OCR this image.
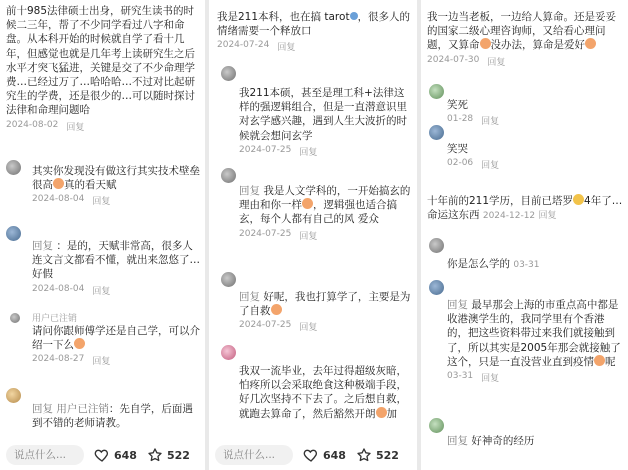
前十985法律硕士出身，研究生读书的时候二三年，帮了不少同学看过八字和命盘。从本科开始的时候就自学了看十几年，但感觉也就是几年考上读研究生之后水平才突飞猛进，关键是交了不少命理学费…已经过万了…哈哈哈…不过对比起研究生的学费，还是很少的…可以随时探讨法律和命理问题哈
2024-08-02 回复
其实你发现没有做这行其实技术壁垒很高 真的看天赋
2024-08-04 回复
回复 ：是的，天赋非常高，很多人连文言文都看不懂，就出来忽悠了…好假
2024-08-04 回复
用户已注销
请问你跟师傅学还是自己学，可以介绍一下么
2024-08-27 回复
回复 用户已注销：先自学，后面遇到不错的老师请教。
说点什么...	648	522
我是211本科，也在搞 tarot ，很多人的情绪需要一个释放口
2024-07-24 回复
我211本硕，甚至是理工科+法律这样的强逻辑组合，但是一直潜意识里对玄学感兴趣，遇到人生大波折的时候就会想问玄学
2024-07-25 回复
回复 我是人文学科的，一开始搞玄的理由和你一样 ，逻辑强也适合搞玄，每个人都有自己的风 爱众
2024-07-25 回复
回复 好呢，我也打算学了，主要是为了自救
2024-07-25 回复
我双一流毕业，去年过得超级灰暗，怕疼所以会采取绝食这种极端手段，好几次坚持不下去了。之后想自救，就跑去算命了，然后豁然开朗 加
说点什么...	648	522
我一边当老板，一边给人算命。还是妥妥的国家二级心理咨询师，又给看心理问题，又算命 没办法，算命是爱好
2024-07-30 回复
笑死
01-28 回复
笑哭
02-06 回复
十年前的211学历，目前已塔罗 4年了…命运这东西 2024-12-12 回复
你是怎么学的 03-31
回复 最早那会上海的市重点高中都是收港澳学生的，我同学里有个香港的，把这些资料带过来我们就接触到了，所以其实是2005年那会就接触了这个，只是一直没营业直到疫情 呢
03-31 回复
回复 好神奇的经历
